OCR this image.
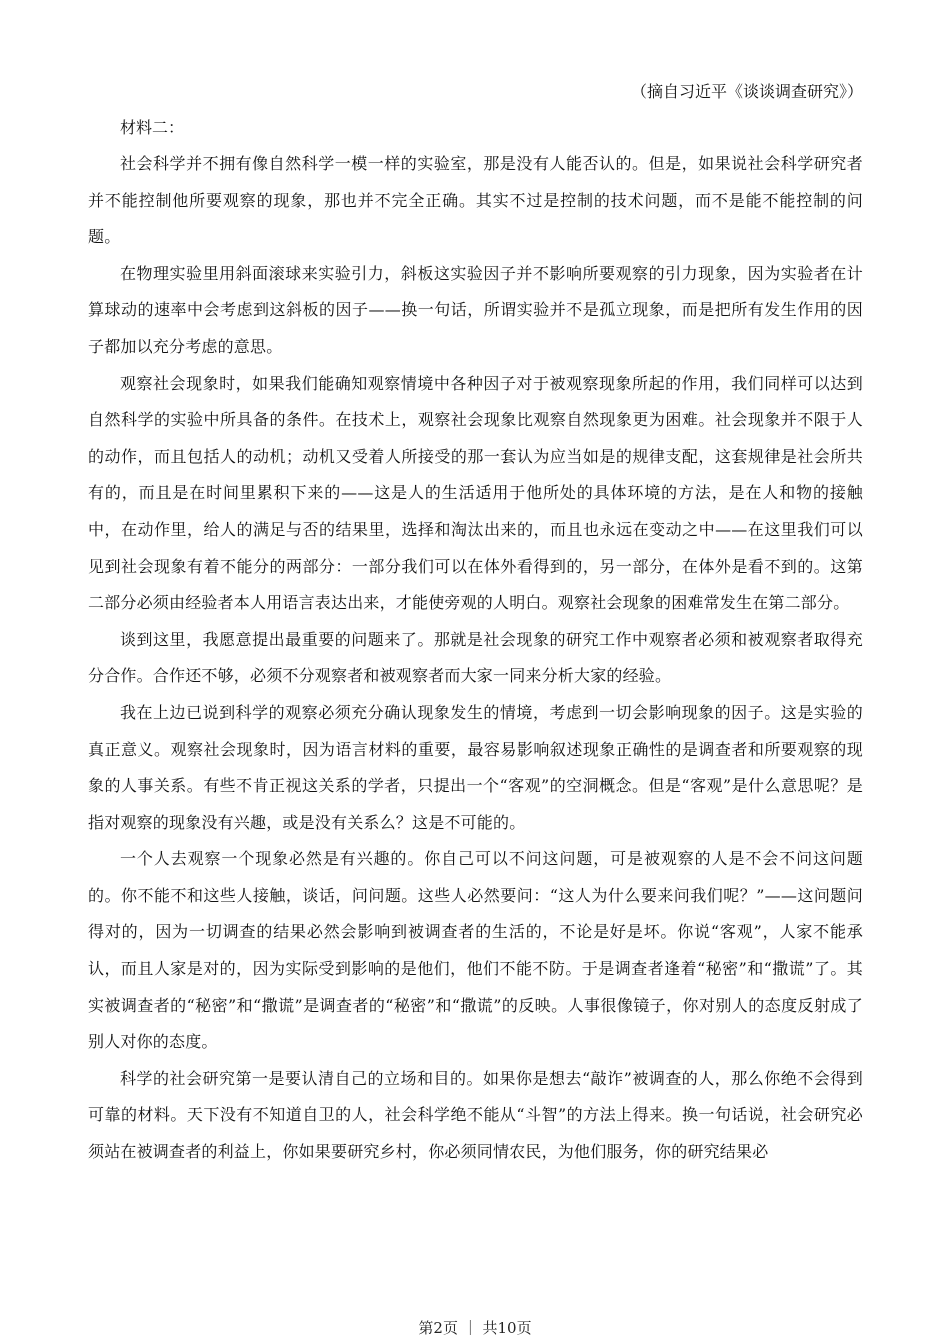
（摘自习近平《谈谈调查研究》）

材料二：

社会科学并不拥有像自然科学一模一样的实验室，那是没有人能否认的。但是，如果说社会科学研究者并不能控制他所要观察的现象，那也并不完全正确。其实不过是控制的技术问题，而不是能不能控制的问题。

在物理实验里用斜面滚球来实验引力，斜板这实验因子并不影响所要观察的引力现象，因为实验者在计算球动的速率中会考虑到这斜板的因子——换一句话，所谓实验并不是孤立现象，而是把所有发生作用的因子都加以充分考虑的意思。

观察社会现象时，如果我们能确知观察情境中各种因子对于被观察现象所起的作用，我们同样可以达到自然科学的实验中所具备的条件。在技术上，观察社会现象比观察自然现象更为困难。社会现象并不限于人的动作，而且包括人的动机；动机又受着人所接受的那一套认为应当如是的规律支配，这套规律是社会所共有的，而且是在时间里累积下来的——这是人的生活适用于他所处的具体环境的方法，是在人和物的接触中，在动作里，给人的满足与否的结果里，选择和淘汰出来的，而且也永远在变动之中——在这里我们可以见到社会现象有着不能分的两部分：一部分我们可以在体外看得到的，另一部分，在体外是看不到的。这第二部分必须由经验者本人用语言表达出来，才能使旁观的人明白。观察社会现象的困难常发生在第二部分。

谈到这里，我愿意提出最重要的问题来了。那就是社会现象的研究工作中观察者必须和被观察者取得充分合作。合作还不够，必须不分观察者和被观察者而大家一同来分析大家的经验。

我在上边已说到科学的观察必须充分确认现象发生的情境，考虑到一切会影响现象的因子。这是实验的真正意义。观察社会现象时，因为语言材料的重要，最容易影响叙述现象正确性的是调查者和所要观察的现象的人事关系。有些不肯正视这关系的学者，只提出一个“客观”的空洞概念。但是“客观”是什么意思呢？是指对观察的现象没有兴趣，或是没有关系么？这是不可能的。

一个人去观察一个现象必然是有兴趣的。你自己可以不问这问题，可是被观察的人是不会不问这问题的。你不能不和这些人接触，谈话，问问题。这些人必然要问：“这人为什么要来问我们呢？”——这问题问得对的，因为一切调查的结果必然会影响到被调查者的生活的，不论是好是坏。你说“客观”，人家不能承认，而且人家是对的，因为实际受到影响的是他们，他们不能不防。于是调查者逢着“秘密”和“撒谎”了。其实被调查者的“秘密”和“撒谎”是调查者的“秘密”和“撒谎”的反映。人事很像镜子，你对别人的态度反射成了别人对你的态度。

科学的社会研究第一是要认清自己的立场和目的。如果你是想去“敲诈”被调查的人，那么你绝不会得到可靠的材料。天下没有不知道自卫的人，社会科学绝不能从“斗智”的方法上得来。换一句话说，社会研究必须站在被调查者的利益上，你如果要研究乡村，你必须同情农民，为他们服务，你的研究结果必

第2页 ｜ 共10页
